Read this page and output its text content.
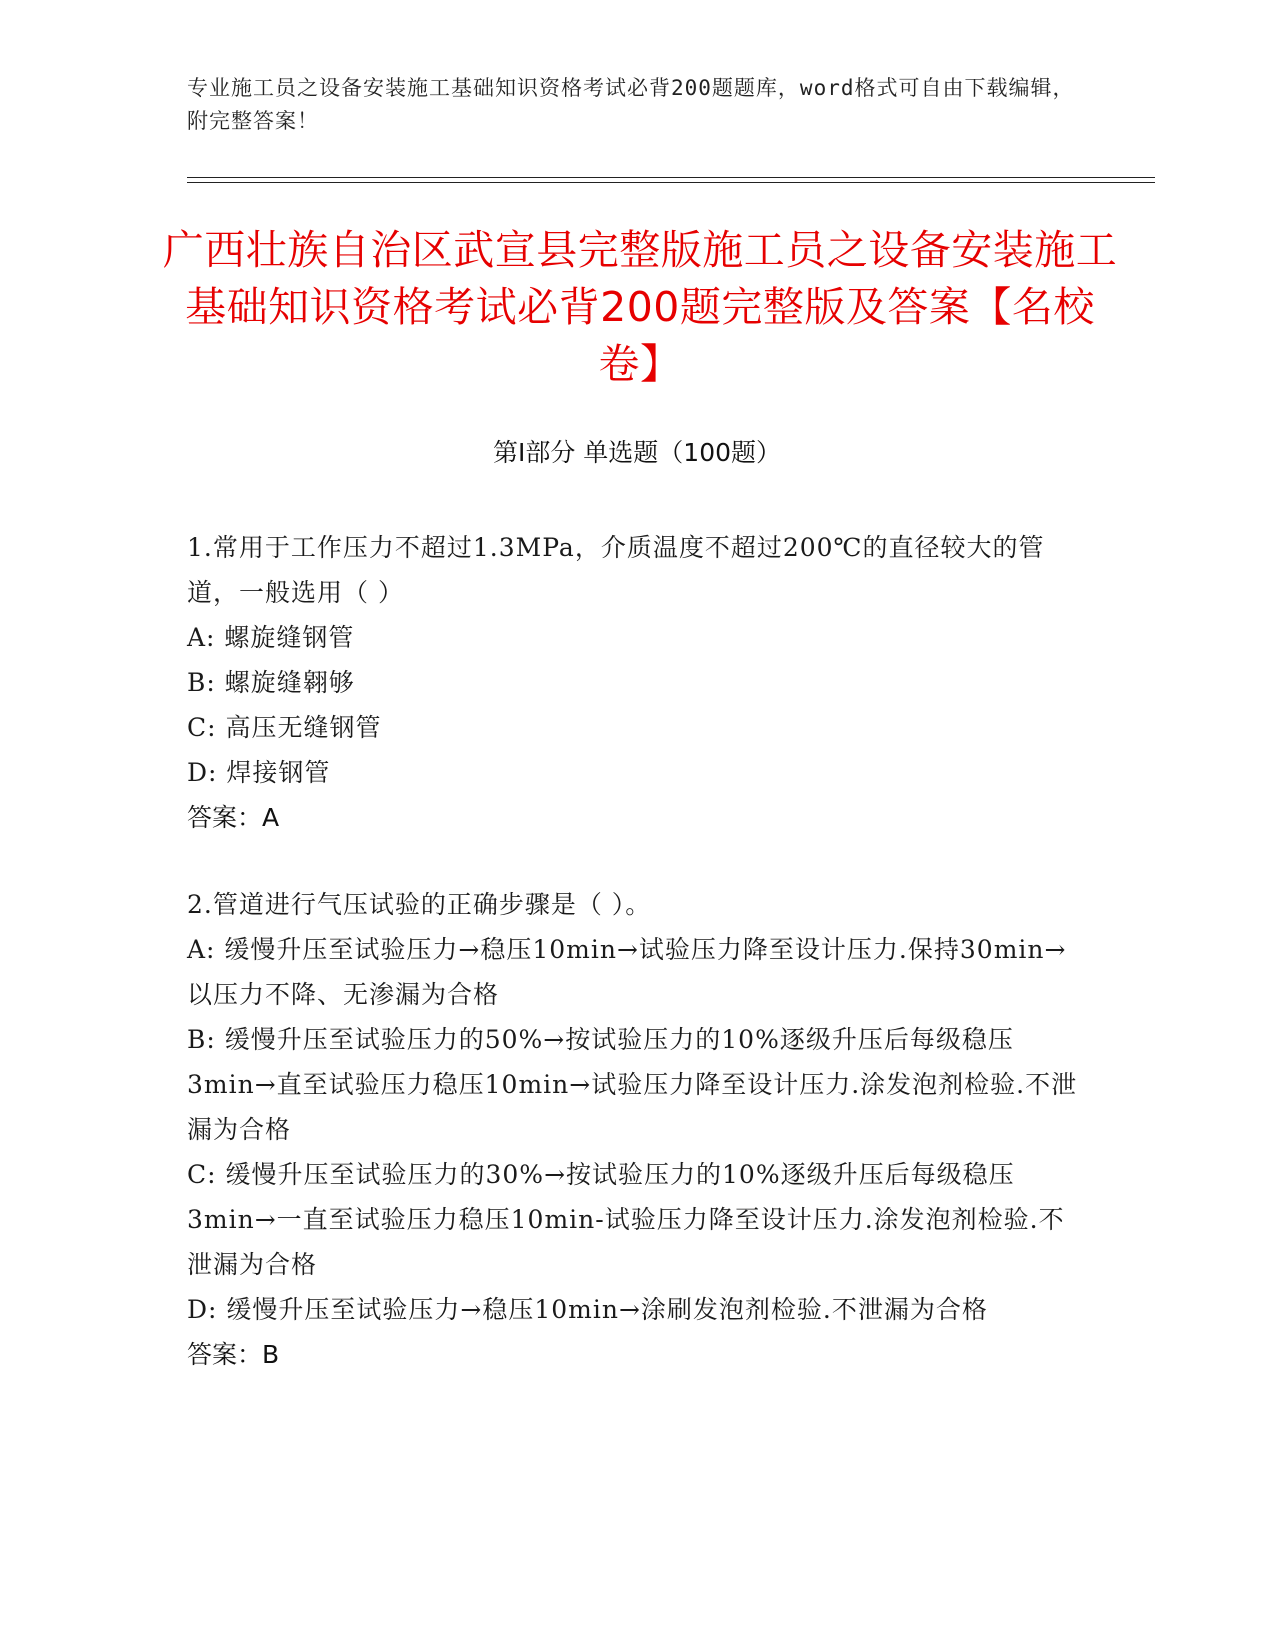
专业施工员之设备安装施工基础知识资格考试必背200题题库，word格式可自由下载编辑，附完整答案！
广西壮族自治区武宣县完整版施工员之设备安装施工基础知识资格考试必背200题完整版及答案【名校卷】
第Ⅰ部分 单选题（100题）

1.常用于工作压力不超过1.3MPa，介质温度不超过200℃的直径较大的管道，一般选用（ ）

A: 螺旋缝钢管

B: 螺旋缝翱够

C: 高压无缝钢管

D: 焊接钢管

答案：A

2.管道进行气压试验的正确步骤是（ ）。

A: 缓慢升压至试验压力→稳压10min→试验压力降至设计压力.保持30min→以压力不降、无渗漏为合格

B: 缓慢升压至试验压力的50%→按试验压力的10%逐级升压后每级稳压3min→直至试验压力稳压10min→试验压力降至设计压力.涂发泡剂检验.不泄漏为合格

C: 缓慢升压至试验压力的30%→按试验压力的10%逐级升压后每级稳压3min→一直至试验压力稳压10min-试验压力降至设计压力.涂发泡剂检验.不泄漏为合格

D: 缓慢升压至试验压力→稳压10min→涂刷发泡剂检验.不泄漏为合格

答案：B
